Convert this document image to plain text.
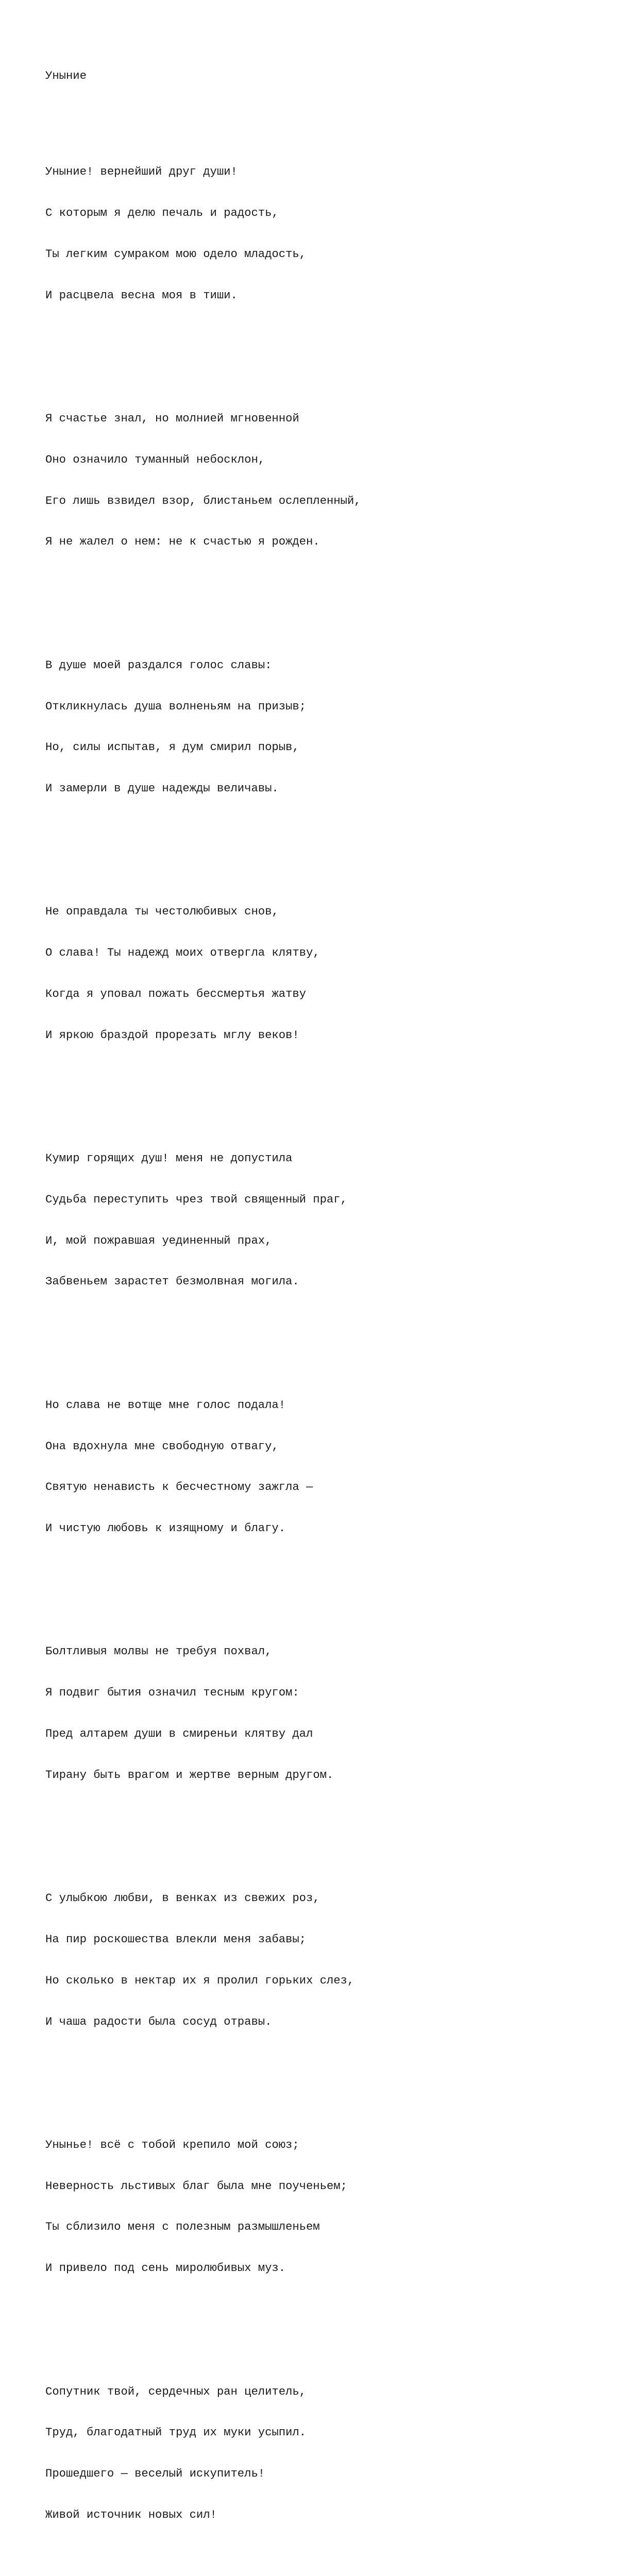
Уныние

Уныние! вернейший друг души!

С которым я делю печаль и радость,

Ты легким сумраком мою одело младость,

И расцвела весна моя в тиши.

Я счастье знал, но молнией мгновенной

Оно означило туманный небосклон,

Его лишь взвидел взор, блистаньем ослепленный,

Я не жалел о нем: не к счастью я рожден.

В душе моей раздался голос славы:

Откликнулась душа волненьям на призыв;

Но, силы испытав, я дум смирил порыв,

И замерли в душе надежды величавы.

Не оправдала ты честолюбивых снов,

О слава! Ты надежд моих отвергла клятву,

Когда я уповал пожать бессмертья жатву

И яркою браздой прорезать мглу веков!

Кумир горящих душ! меня не допустила

Судьба переступить чрез твой священный праг,

И, мой пожравшая уединенный прах,

Забвеньем зарастет безмолвная могила.

Но слава не вотще мне голос подала!

Она вдохнула мне свободную отвагу,

Святую ненависть к бесчестному зажгла —

И чистую любовь к изящному и благу.

Болтливыя молвы не требуя похвал,

Я подвиг бытия означил тесным кругом:

Пред алтарем души в смиреньи клятву дал

Тирану быть врагом и жертве верным другом.

С улыбкою любви, в венках из свежих роз,

На пир роскошества влекли меня забавы;

Но сколько в нектар их я пролил горьких слез,

И чаша радости была сосуд отравы.

Унынье! всё с тобой крепило мой союз;

Неверность льстивых благ была мне поученьем;

Ты сблизило меня с полезным размышленьем

И привело под сень миролюбивых муз.

Сопутник твой, сердечных ран целитель,

Труд, благодатный труд их муки усыпил.

Прошедшего — веселый искупитель!

Живой источник новых сил!
